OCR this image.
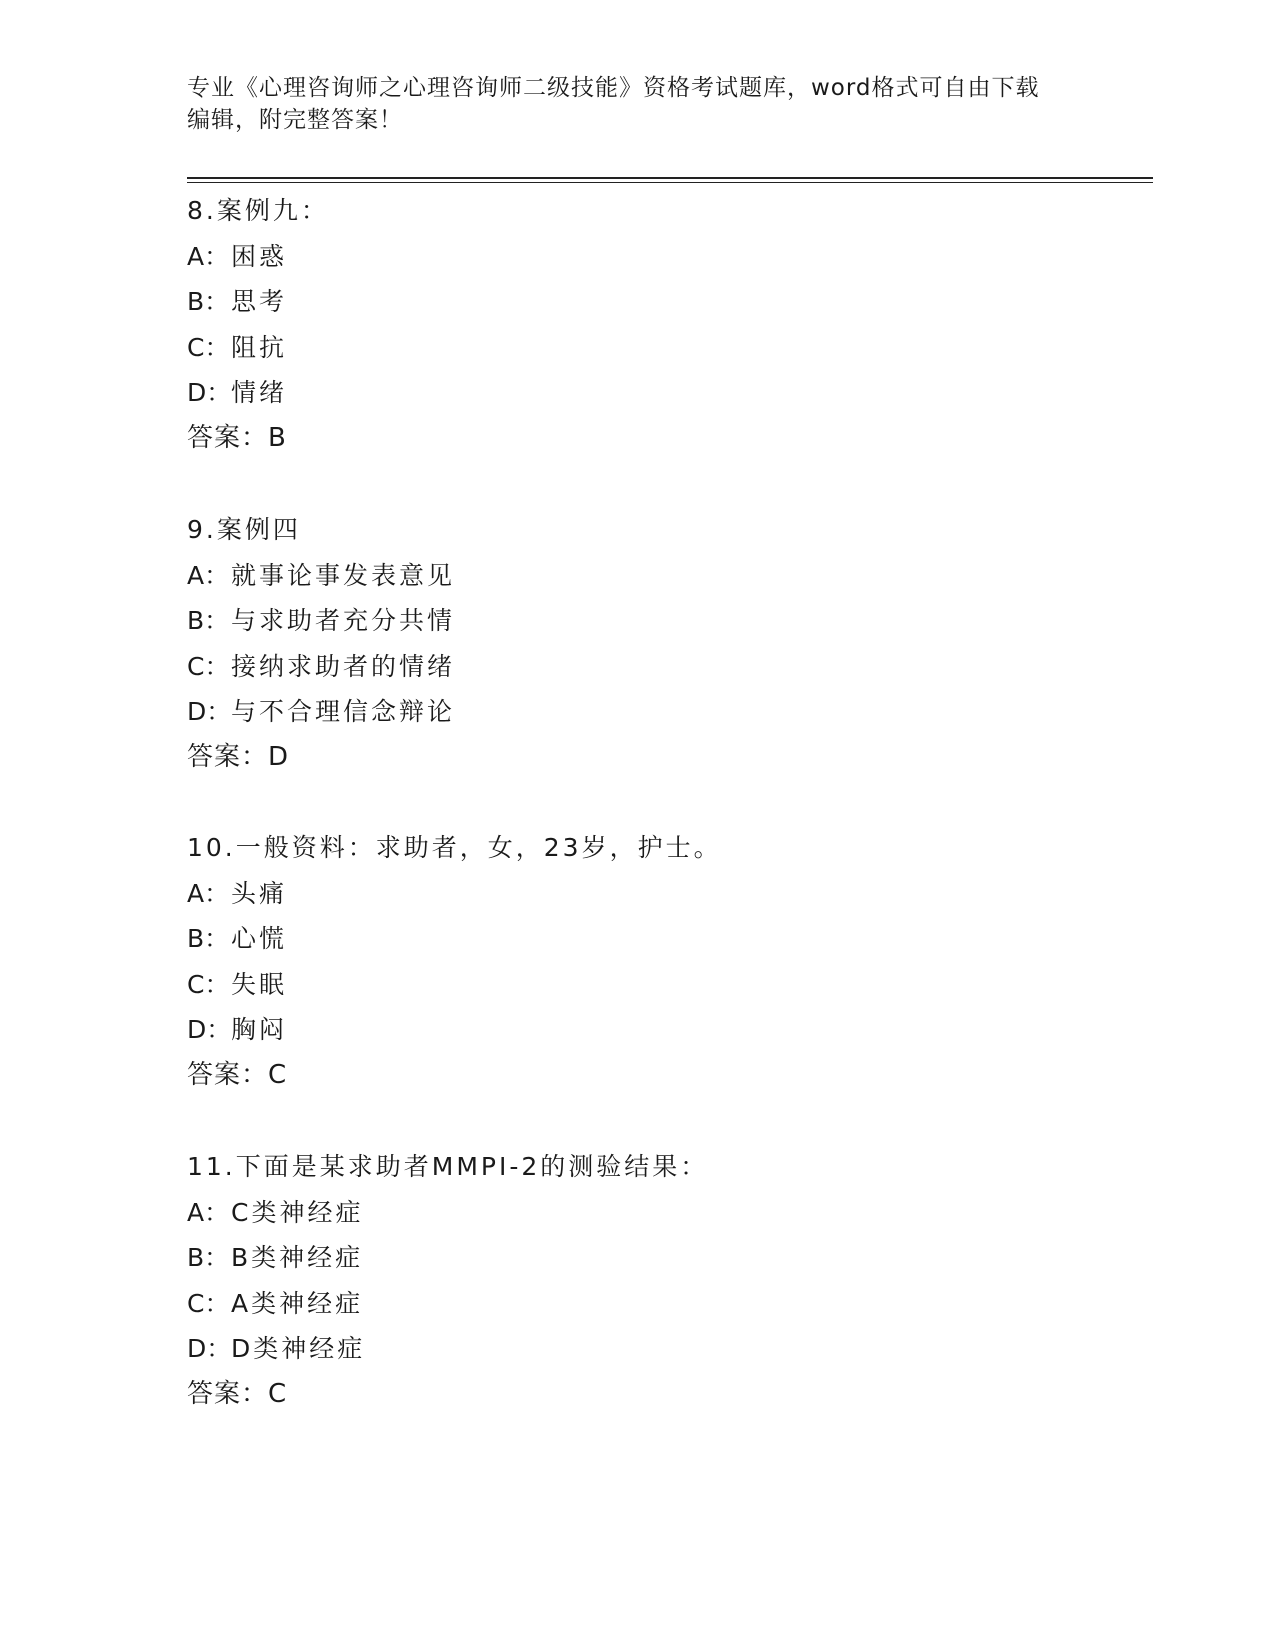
专业《心理咨询师之心理咨询师二级技能》资格考试题库，word格式可自由下载
编辑，附完整答案！
8.案例九：
A：困惑
B：思考
C：阻抗
D：情绪
答案：B
9.案例四
A：就事论事发表意见
B：与求助者充分共情
C：接纳求助者的情绪
D：与不合理信念辩论
答案：D
10.一般资料：求助者，女，23岁，护士。
A：头痛
B：心慌
C：失眠
D：胸闷
答案：C
11.下面是某求助者MMPI-2的测验结果：
A：C类神经症
B：B类神经症
C：A类神经症
D：D类神经症
答案：C
